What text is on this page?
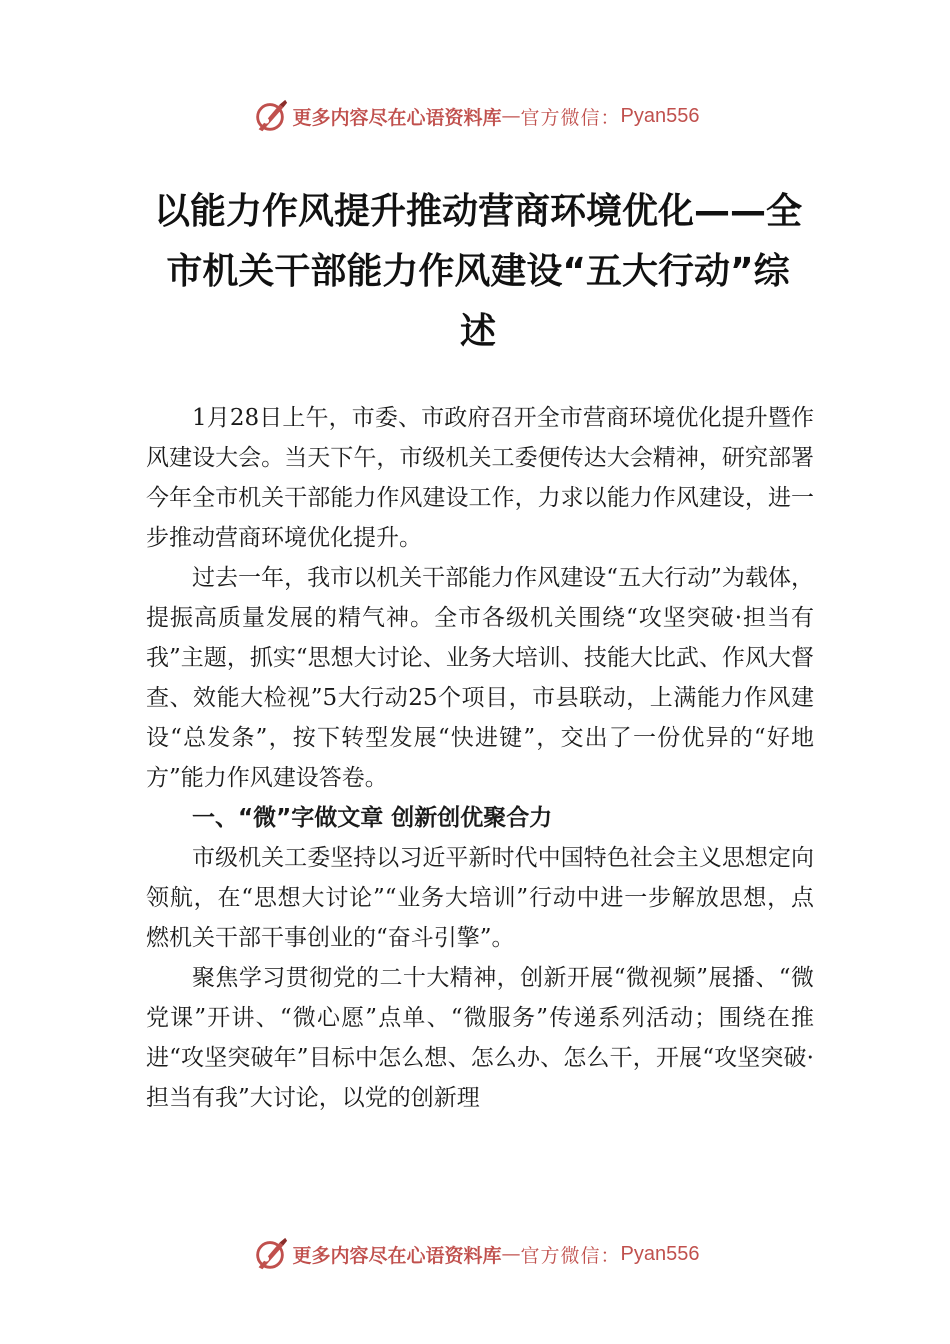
更多内容尽在心语资料库 — 官方微信： Pyan556
以能力作风提升推动营商环境优化——全
市机关干部能力作风建设“五大行动”综
述

1月28日上午，市委、市政府召开全市营商环境优化提升暨作风建设大会。当天下午，市级机关工委便传达大会精神，研究部署今年全市机关干部能力作风建设工作，力求以能力作风建设，进一步推动营商环境优化提升。

过去一年，我市以机关干部能力作风建设“五大行动”为载体，提振高质量发展的精气神。全市各级机关围绕“攻坚突破·担当有我”主题，抓实“思想大讨论、业务大培训、技能大比武、作风大督查、效能大检视”5大行动25个项目，市县联动，上满能力作风建设“总发条”，按下转型发展“快进键”，交出了一份优异的“好地方”能力作风建设答卷。

一、“微”字做文章 创新创优聚合力

市级机关工委坚持以习近平新时代中国特色社会主义思想定向领航，在“思想大讨论”“业务大培训”行动中进一步解放思想，点燃机关干部干事创业的“奋斗引擎”。

聚焦学习贯彻党的二十大精神，创新开展“微视频”展播、“微党课”开讲、“微心愿”点单、“微服务”传递系列活动；围绕在推进“攻坚突破年”目标中怎么想、怎么办、怎么干，开展“攻坚突破·担当有我”大讨论，以党的创新理

更多内容尽在心语资料库 — 官方微信： Pyan556
